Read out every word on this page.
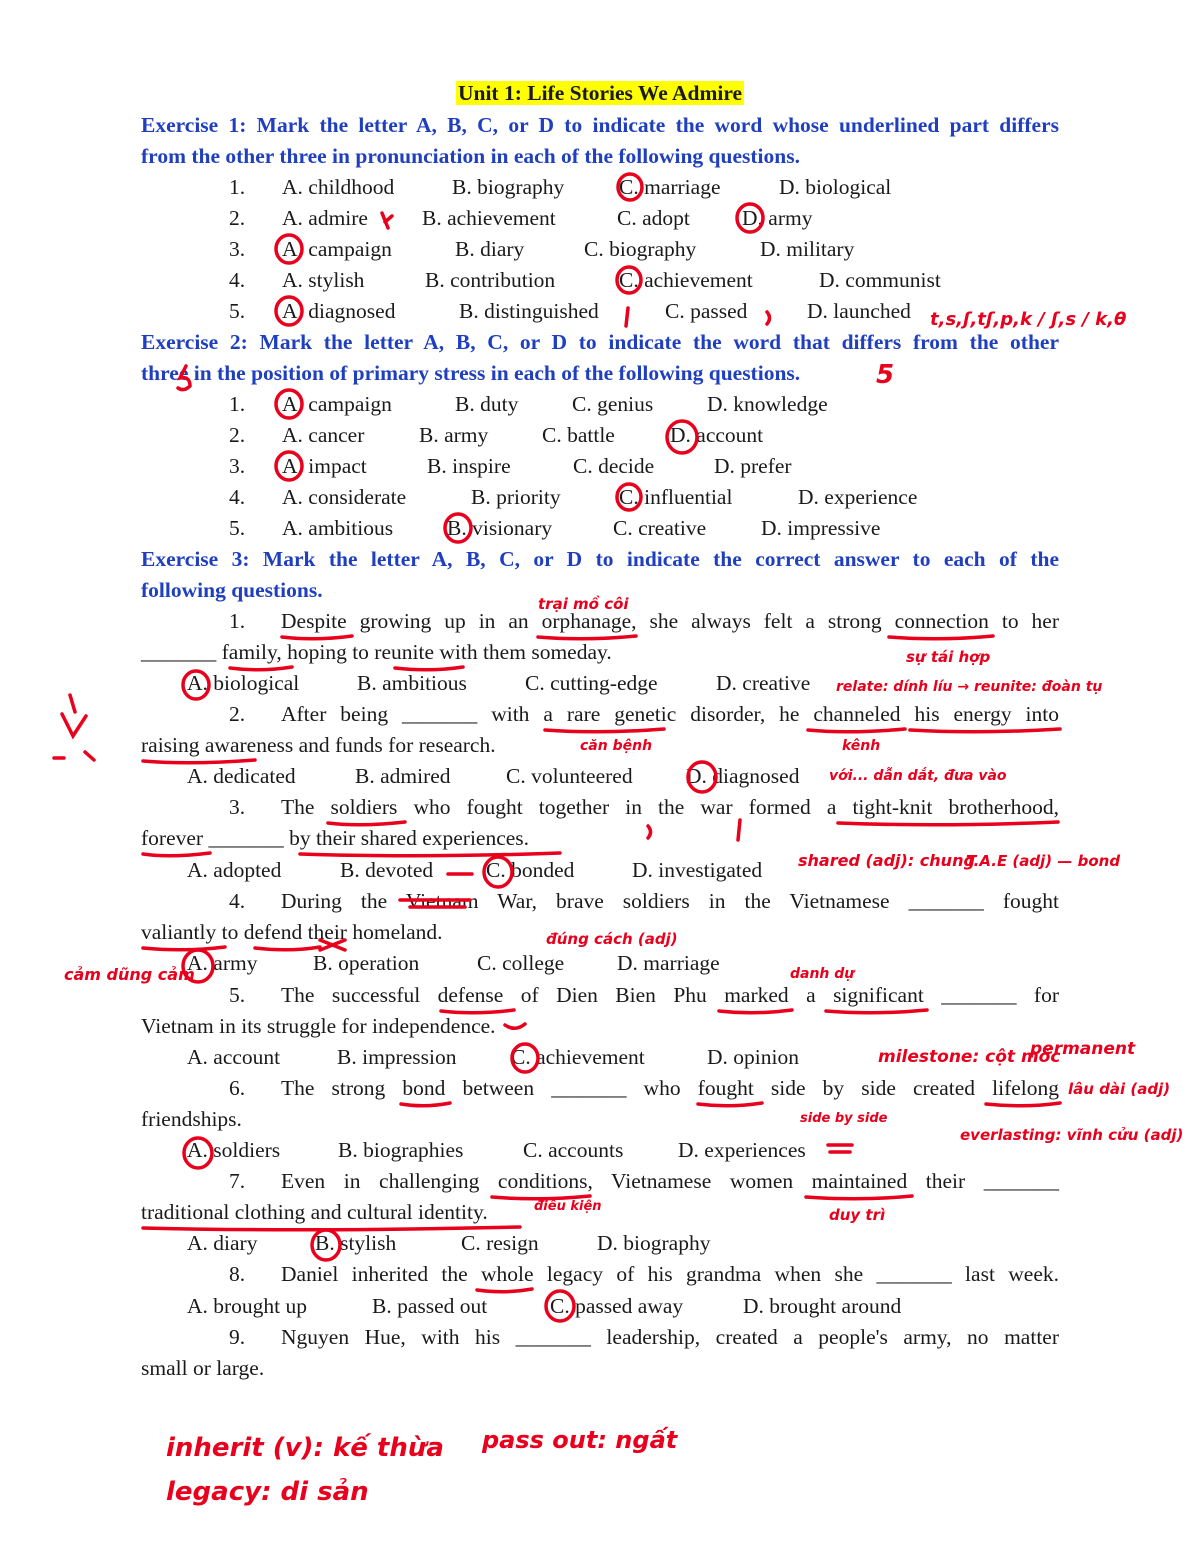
Unit 1: Life Stories We Admire
Exercise 1: Mark the letter A, B, C, or D to indicate the word whose underlined part differs
from the other three in pronunciation in each of the following questions.
1. A. childhood	B. biography	C. marriage	D. biological
2. A. admire	B. achievement	C. adopt D. army
3. A. campaign	B. diary	C. biography	D. military
4. A. stylish	B. contribution	C. achievement	D. communist
5. A. diagnosed	B. distinguished	C. passed	D. launched
Exercise 2: Mark the letter A, B, C, or D to indicate the word that differs from the other
three in the position of primary stress in each of the following questions.
1. A. campaign	B. duty C. genius	D. knowledge
2. A. cancer	B. army C. battle	D. account
3. A. impact	B. inspire	C. decide	D. prefer
4. A. considerate	B. priority	C. influential	D. experience
5. A. ambitious	B. visionary	C. creative	D. impressive
Exercise 3: Mark the letter A, B, C, or D to indicate the correct answer to each of the
following questions.
1. Despite growing up in an orphanage, she always felt a strong connection to her
_______ family, hoping to reunite with them someday.
A. biological	B. ambitious	C. cutting-edge	D. creative
2. After being _______ with a rare genetic disorder, he channeled his energy into
raising awareness and funds for research.
A. dedicated	B. admired	C. volunteered D. diagnosed
3. The soldiers who fought together in the war formed a tight-knit brotherhood,
forever _______ by their shared experiences.
A. adopted	B. devoted C. bonded	D. investigated
4. During the Vietnam War, brave soldiers in the Vietnamese _______ fought
valiantly to defend their homeland.
A. army	B. operation	C. college D. marriage
5. The successful defense of Dien Bien Phu marked a significant _______ for
Vietnam in its struggle for independence.
A. account	B. impression	C. achievement	D. opinion
6. The strong bond between _______ who fought side by side created lifelong
friendships.
A. soldiers	B. biographies	C. accounts	D. experiences
7. Even in challenging conditions, Vietnamese women maintained their _______
traditional clothing and cultural identity.
A. diary	B. stylish	C. resign	D. biography
8. Daniel inherited the whole legacy of his grandma when she _______ last week.
A. brought up	B. passed out	C. passed away	D. brought around
9. Nguyen Hue, with his _______ leadership, created a people's army, no matter
small or large.
t,s,ʃ,tʃ,p,k / ʃ,s / k,θ
5
trại mồ côi
sự tái hợp
relate: dính líu → reunite: đoàn tụ
căn bệnh	kênh
với... dẫn dắt, đưa vào
shared (adj): chung
T.A.E (adj) — bond
đúng cách (adj)
cảm dũng cảm	danh dự
milestone: cột mốc
permanent
lâu dài (adj)
side by side
everlasting: vĩnh cửu (adj)
điều kiện	duy trì
inherit (v): kế thừa
legacy: di sản
pass out: ngất
